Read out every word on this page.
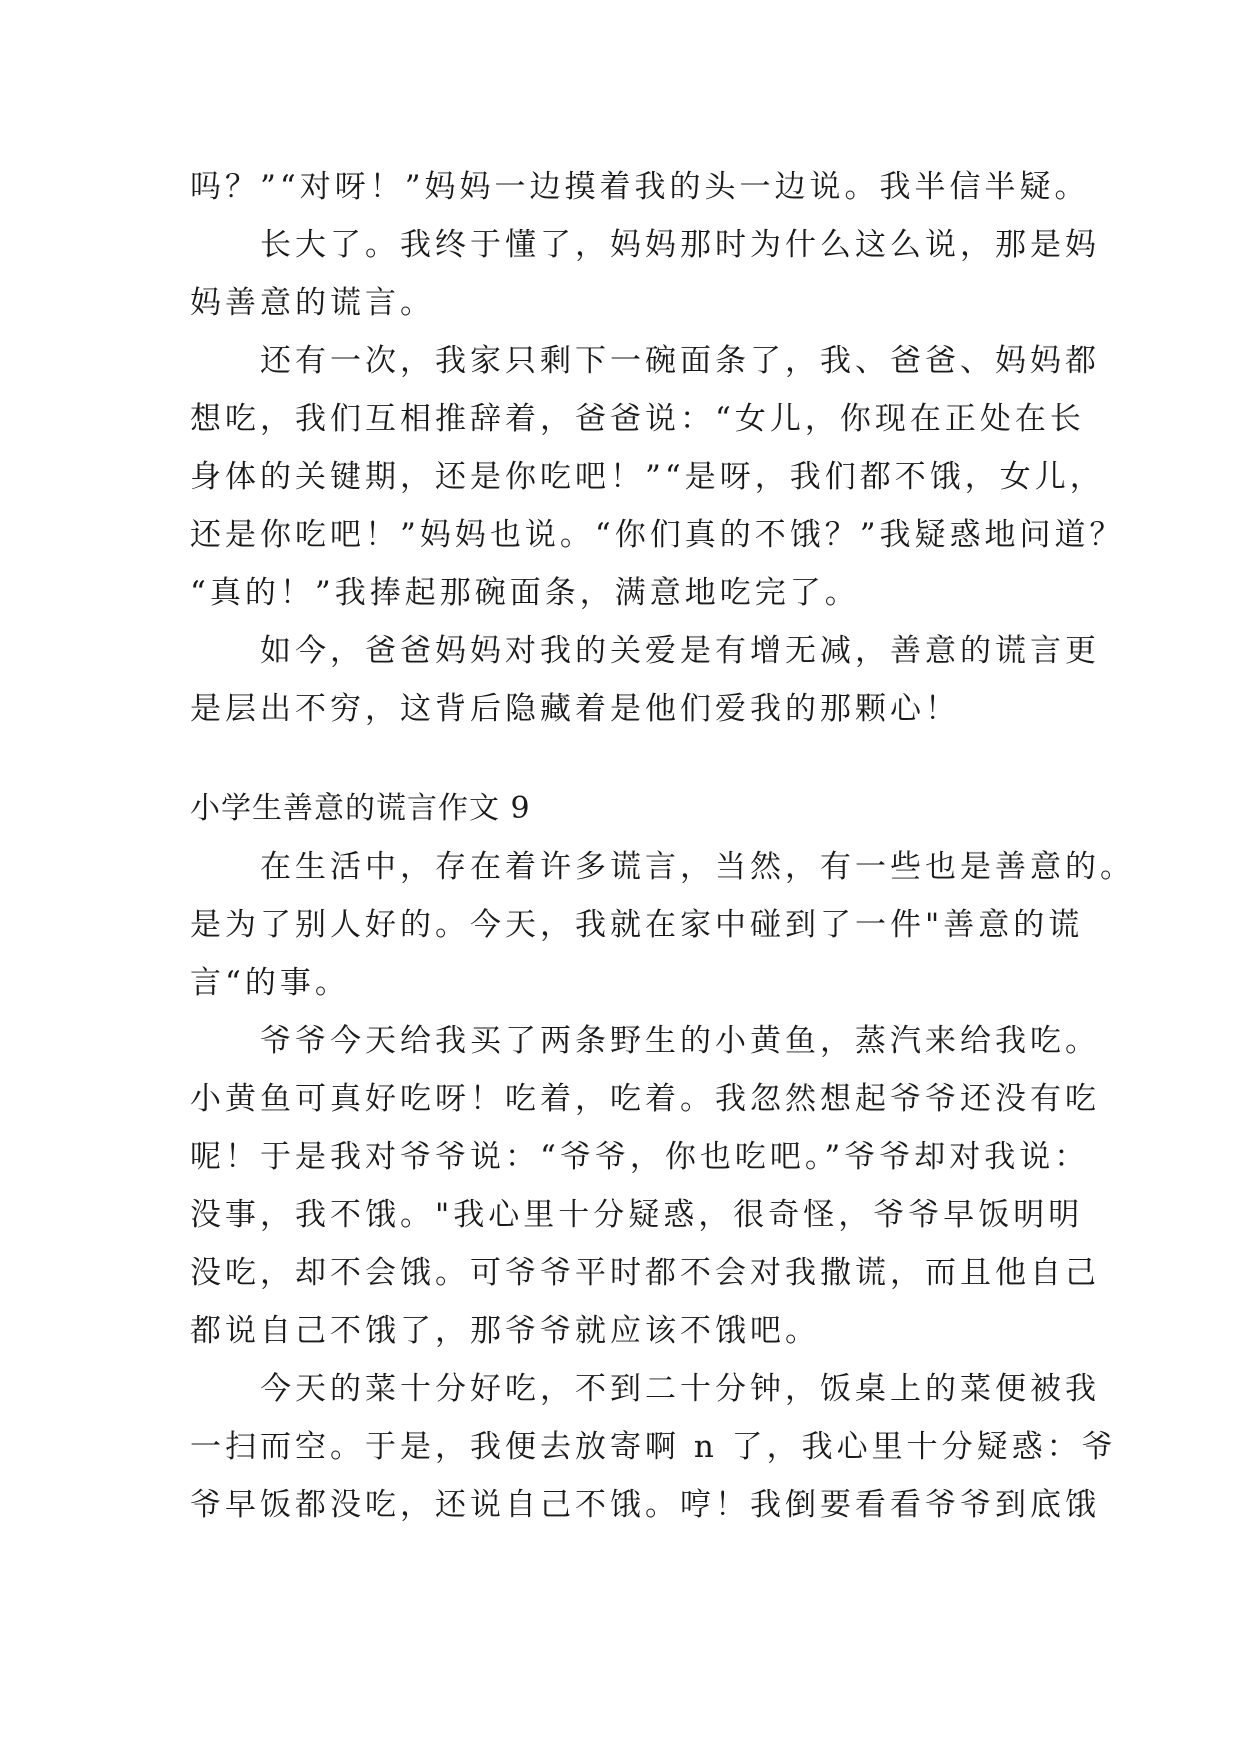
吗？”“对呀！”妈妈一边摸着我的头一边说。我半信半疑。
　　长大了。我终于懂了，妈妈那时为什么这么说，那是妈
妈善意的谎言。
　　还有一次，我家只剩下一碗面条了，我、爸爸、妈妈都
想吃，我们互相推辞着，爸爸说：“女儿，你现在正处在长
身体的关键期，还是你吃吧！”“是呀，我们都不饿，女儿，
还是你吃吧！”妈妈也说。“你们真的不饿？”我疑惑地问道？
“真的！”我捧起那碗面条，满意地吃完了。
　　如今，爸爸妈妈对我的关爱是有增无减，善意的谎言更
是层出不穷，这背后隐藏着是他们爱我的那颗心！
小学生善意的谎言作文 9
　　在生活中，存在着许多谎言，当然，有一些也是善意的。
是为了别人好的。今天，我就在家中碰到了一件"善意的谎
言“的事。
　　爷爷今天给我买了两条野生的小黄鱼，蒸汽来给我吃。
小黄鱼可真好吃呀！吃着，吃着。我忽然想起爷爷还没有吃
呢！于是我对爷爷说：“爷爷，你也吃吧。”爷爷却对我说：
没事，我不饿。"我心里十分疑惑，很奇怪，爷爷早饭明明
没吃，却不会饿。可爷爷平时都不会对我撒谎，而且他自己
都说自己不饿了，那爷爷就应该不饿吧。
　　今天的菜十分好吃，不到二十分钟，饭桌上的菜便被我
一扫而空。于是，我便去放寄啊 n 了，我心里十分疑惑：爷
爷早饭都没吃，还说自己不饿。哼！我倒要看看爷爷到底饿
